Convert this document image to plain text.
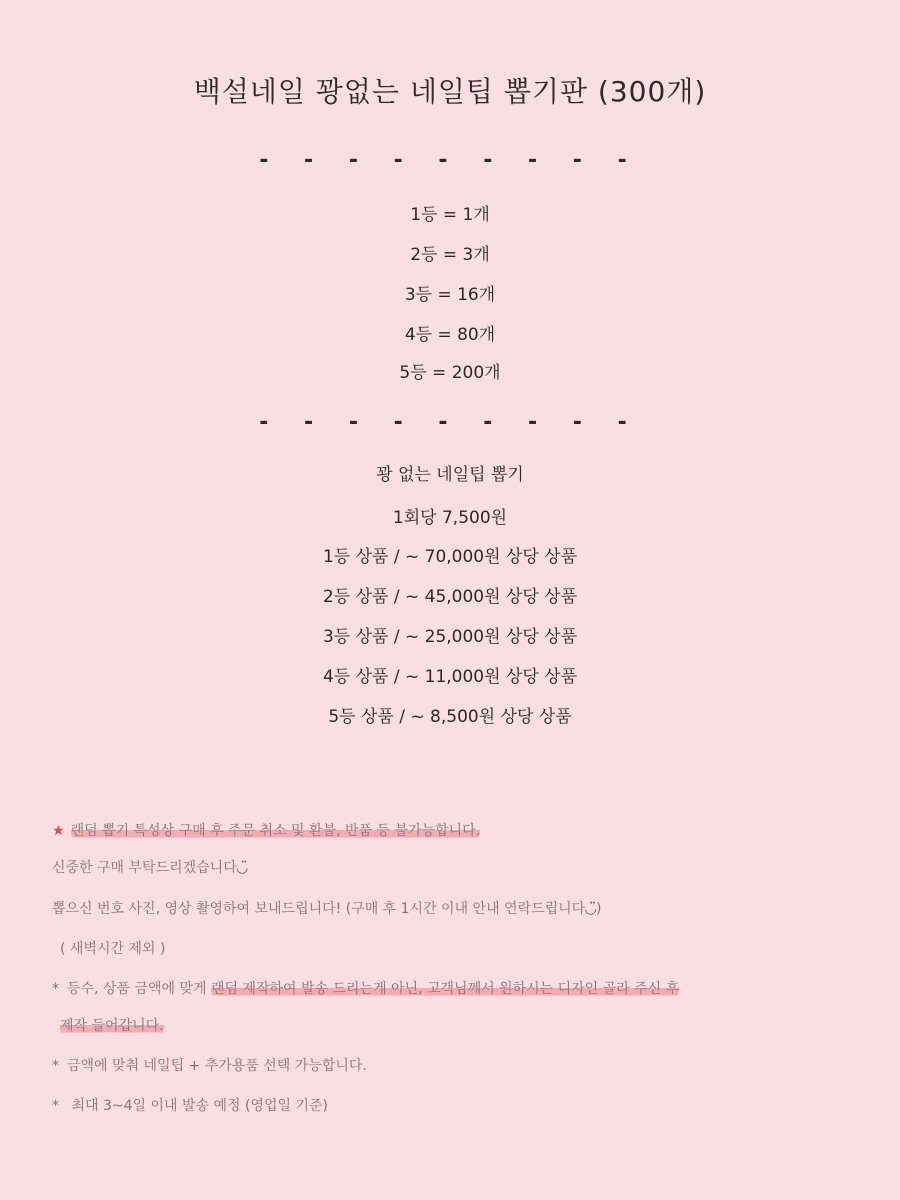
백설네일 꽝없는 네일팁 뽑기판 (300개)
- - - - - - - - -
1등 = 1개
2등 = 3개
3등 = 16개
4등 = 80개
5등 = 200개
- - - - - - - - -
꽝 없는 네일팁 뽑기
1회당 7,500원
1등 상품 / ~ 70,000원 상당 상품
2등 상품 / ~ 45,000원 상당 상품
3등 상품 / ~ 25,000원 상당 상품
4등 상품 / ~ 11,000원 상당 상품
5등 상품 / ~ 8,500원 상당 상품
★ 랜덤 뽑기 특성상 구매 후 주문 취소 및 환불, 반품 등 불가능합니다.
신중한 구매 부탁드리겠습니다◡̈
뽑으신 번호 사진, 영상 촬영하여 보내드립니다! (구매 후 1시간 이내 안내 연락드립니다◡̈)
( 새벽시간 제외 )
* 등수, 상품 금액에 맞게 랜덤 제작하여 발송 드리는게 아닌, 고객님께서 원하시는 디자인 골라 주신 후
제작 들어갑니다.
* 금액에 맞춰 네일팁 + 추가용품 선택 가능합니다.
* 최대 3~4일 이내 발송 예정 (영업일 기준)
